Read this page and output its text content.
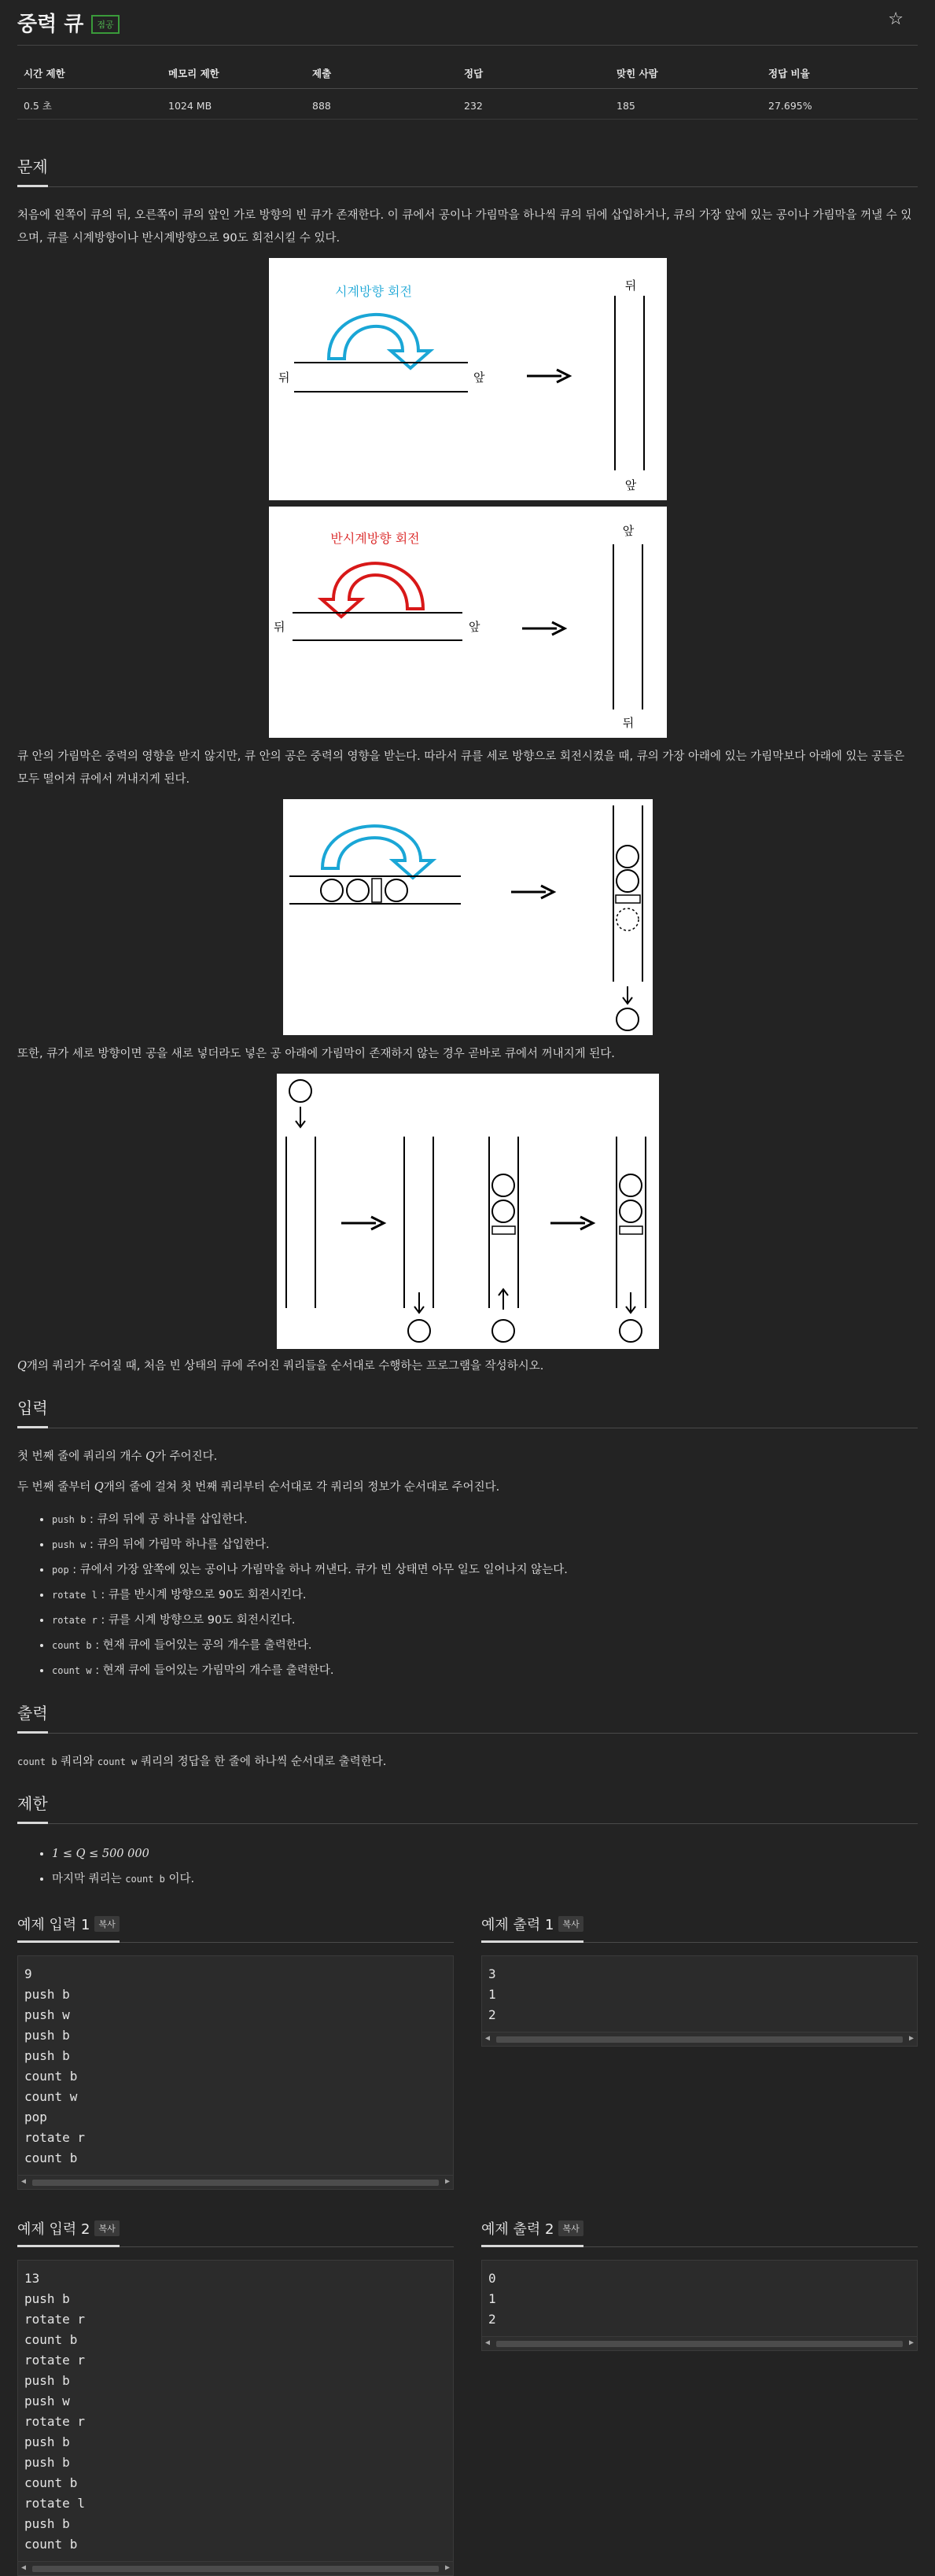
중력 큐	점공	☆
시간 제한	메모리 제한	제출	정답	맞힌 사람	정답 비율
0.5 초	1024 MB	888	232	185	27.695%
문제

처음에 왼쪽이 큐의 뒤, 오른쪽이 큐의 앞인 가로 방향의 빈 큐가 존재한다. 이 큐에서 공이나 가림막을 하나씩 큐의 뒤에 삽입하거나, 큐의 가장 앞에 있는 공이나 가림막을 꺼낼 수 있으며, 큐를 시계방향이나 반시계방향으로 90도 회전시킬 수 있다.

시계방향 회전
뒤	앞
뒤
앞
반시계방향 회전
뒤	앞
앞
뒤

큐 안의 가림막은 중력의 영향을 받지 않지만, 큐 안의 공은 중력의 영향을 받는다. 따라서 큐를 세로 방향으로 회전시켰을 때, 큐의 가장 아래에 있는 가림막보다 아래에 있는 공들은 모두 떨어져 큐에서 꺼내지게 된다.

또한, 큐가 세로 방향이면 공을 새로 넣더라도 넣은 공 아래에 가림막이 존재하지 않는 경우 곧바로 큐에서 꺼내지게 된다.

Q개의 쿼리가 주어질 때, 처음 빈 상태의 큐에 주어진 쿼리들을 순서대로 수행하는 프로그램을 작성하시오.

입력

첫 번째 줄에 쿼리의 개수 Q가 주어진다.

두 번째 줄부터 Q개의 줄에 걸쳐 첫 번째 쿼리부터 순서대로 각 쿼리의 정보가 순서대로 주어진다.

• push b : 큐의 뒤에 공 하나를 삽입한다.
• push w : 큐의 뒤에 가림막 하나를 삽입한다.
• pop : 큐에서 가장 앞쪽에 있는 공이나 가림막을 하나 꺼낸다. 큐가 빈 상태면 아무 일도 일어나지 않는다.
• rotate l : 큐를 반시계 방향으로 90도 회전시킨다.
• rotate r : 큐를 시계 방향으로 90도 회전시킨다.
• count b : 현재 큐에 들어있는 공의 개수를 출력한다.
• count w : 현재 큐에 들어있는 가림막의 개수를 출력한다.
출력

count b 쿼리와 count w 쿼리의 정답을 한 줄에 하나씩 순서대로 출력한다.

제한
• 1 ≤ Q ≤ 500 000
• 마지막 쿼리는 count b 이다.
예제 입력 1	복사
9
push b
push w
push b
push b
count b
count w
pop
rotate r
count b
◀	▶
예제 출력 1	복사
3
1
2
◀	▶
예제 입력 2	복사
13
push b
rotate r
count b
rotate r
push b
push w
rotate r
push b
push b
count b
rotate l
push b
count b
◀	▶
예제 출력 2	복사
0
1
2
◀	▶
